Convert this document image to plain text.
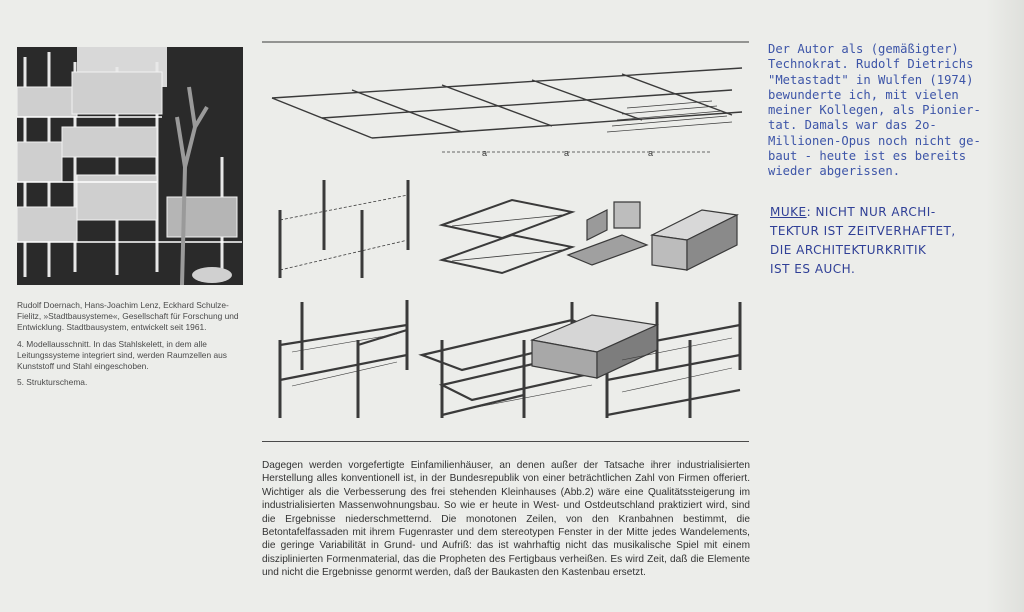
Rudolf Doernach, Hans-Joachim Lenz, Eckhard Schulze-Fielitz, »Stadtbausysteme«, Gesellschaft für Forschung und Entwicklung. Stadtbausystem, entwickelt seit 1961.

4. Modellausschnitt. In das Stahlskelett, in dem alle Leitungssysteme integriert sind, werden Raumzellen aus Kunststoff und Stahl eingeschoben.

5. Strukturschema.

a	a	a

Dagegen werden vorgefertigte Einfamilienhäuser, an denen außer der Tatsache ihrer industrialisierten Herstellung alles konventionell ist, in der Bundesrepublik von einer beträchtlichen Zahl von Firmen offeriert. Wichtiger als die Verbesserung des frei stehenden Kleinhauses (Abb.2) wäre eine Qualitätssteigerung im industrialisierten Massenwohnungsbau. So wie er heute in West- und Ostdeutschland praktiziert wird, sind die Ergebnisse niederschmetternd. Die monotonen Zeilen, von den Kranbahnen bestimmt, die Betontafelfassaden mit ihrem Fugenraster und dem stereotypen Fenster in der Mitte jedes Wandelements, die geringe Variabilität in Grund- und Aufriß: das ist wahrhaftig nicht das musikalische Spiel mit einem disziplinierten Formenmaterial, das die Propheten des Fertigbaus verheißen. Es wird Zeit, daß die Elemente und nicht die Ergebnisse genormt werden, daß der Baukasten den Kastenbau ersetzt.

Der Autor als (gemäßigter)
Technokrat. Rudolf Dietrichs
"Metastadt" in Wulfen (1974)
bewunderte ich, mit vielen
meiner Kollegen, als Pionier-
tat. Damals war das 2o-
Millionen-Opus noch nicht ge-
baut - heute ist es bereits
wieder abgerissen.

MUKE: NICHT NUR ARCHI-
TEKTUR IST ZEITVERHAFTET,
DIE ARCHITEKTURKRITIK
IST ES AUCH.
